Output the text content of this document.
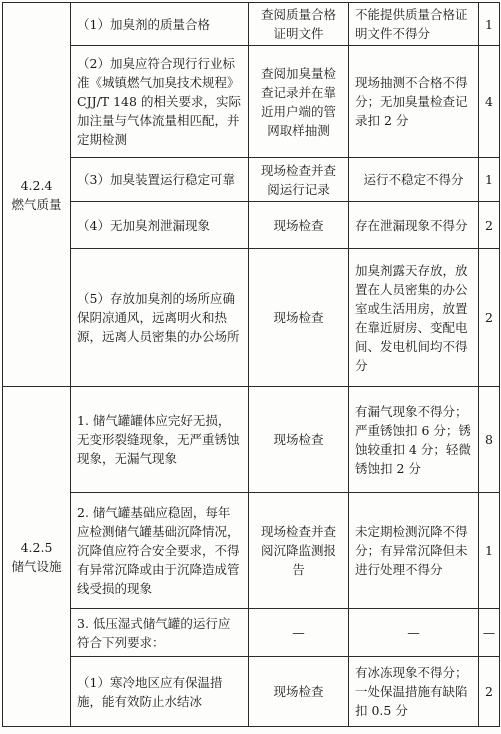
4.2.4
燃气质量	（1）加臭剂的质量合格	查阅质量合格证明文件	不能提供质量合格证明文件不得分	1
	（2）加臭应符合现行行业标准《城镇燃气加臭技术规程》CJJ/T 148 的相关要求，实际加注量与气体流量相匹配，并定期检测	查阅加臭量检查记录并在靠近用户端的管网取样抽测	现场抽测不合格不得分；无加臭量检查记录扣 2 分	4
	（3）加臭装置运行稳定可靠	现场检查并查阅运行记录	运行不稳定不得分	1
	（4）无加臭剂泄漏现象	现场检查	存在泄漏现象不得分	2
	（5）存放加臭剂的场所应确保阴凉通风，远离明火和热源，远离人员密集的办公场所	现场检查	加臭剂露天存放，放置在人员密集的办公室或生活用房，放置在靠近厨房、变配电间、发电机间均不得分	2

4.2.5
储气设施	1. 储气罐罐体应完好无损，无变形裂缝现象，无严重锈蚀现象，无漏气现象	现场检查	有漏气现象不得分；严重锈蚀扣 6 分；锈蚀较重扣 4 分；轻微锈蚀扣 2 分	8
	2. 储气罐基础应稳固，每年应检测储气罐基础沉降情况，沉降值应符合安全要求，不得有异常沉降或由于沉降造成管线受损的现象	现场检查并查阅沉降监测报告	未定期检测沉降不得分；有异常沉降但未进行处理不得分	1
	3. 低压湿式储气罐的运行应符合下列要求：	—	—	—
	（1）寒冷地区应有保温措施，能有效防止水结冰	现场检查	有冰冻现象不得分；一处保温措施有缺陷扣 0.5 分	2
